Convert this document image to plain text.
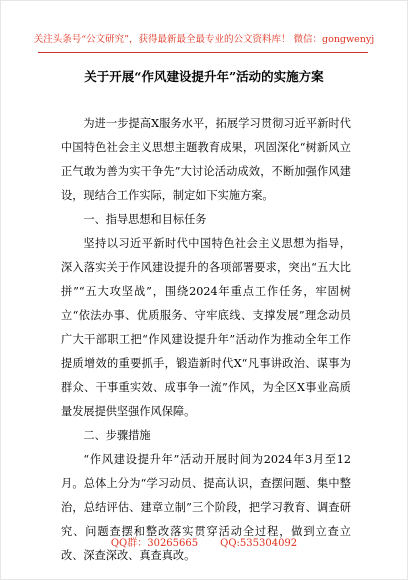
关注头条号“公文研究”，获得最新最全最专业的公文资料库！ 微信：gongwenyj
关于开展“作风建设提升年”活动的实施方案

为进一步提高X服务水平，拓展学习贯彻习近平新时代中国特色社会主义思想主题教育成果，巩固深化“树新风立正气敢为善为实干争先”大讨论活动成效，不断加强作风建设，现结合工作实际，制定如下实施方案。

一、指导思想和目标任务

坚持以习近平新时代中国特色社会主义思想为指导，深入落实关于作风建设提升的各项部署要求，突出“五大比拼”“五大攻坚战”，围绕2024年重点工作任务，牢固树立“依法办事、优质服务、守牢底线、支撑发展”理念动员广大干部职工把“作风建设提升年”活动作为推动全年工作提质增效的重要抓手，锻造新时代X“凡事讲政治、谋事为群众、干事重实效、成事争一流”作风，为全区X事业高质量发展提供坚强作风保障。

二、步骤措施

“作风建设提升年”活动开展时间为2024年3月至12月。总体上分为“学习动员、提高认识，查摆问题、集中整治，总结评估、建章立制”三个阶段，把学习教育、调查研究、问题查摆和整改落实贯穿活动全过程，做到立查立改、深查深改、真查真改。

QQ群：30265665 QQ:535304092
